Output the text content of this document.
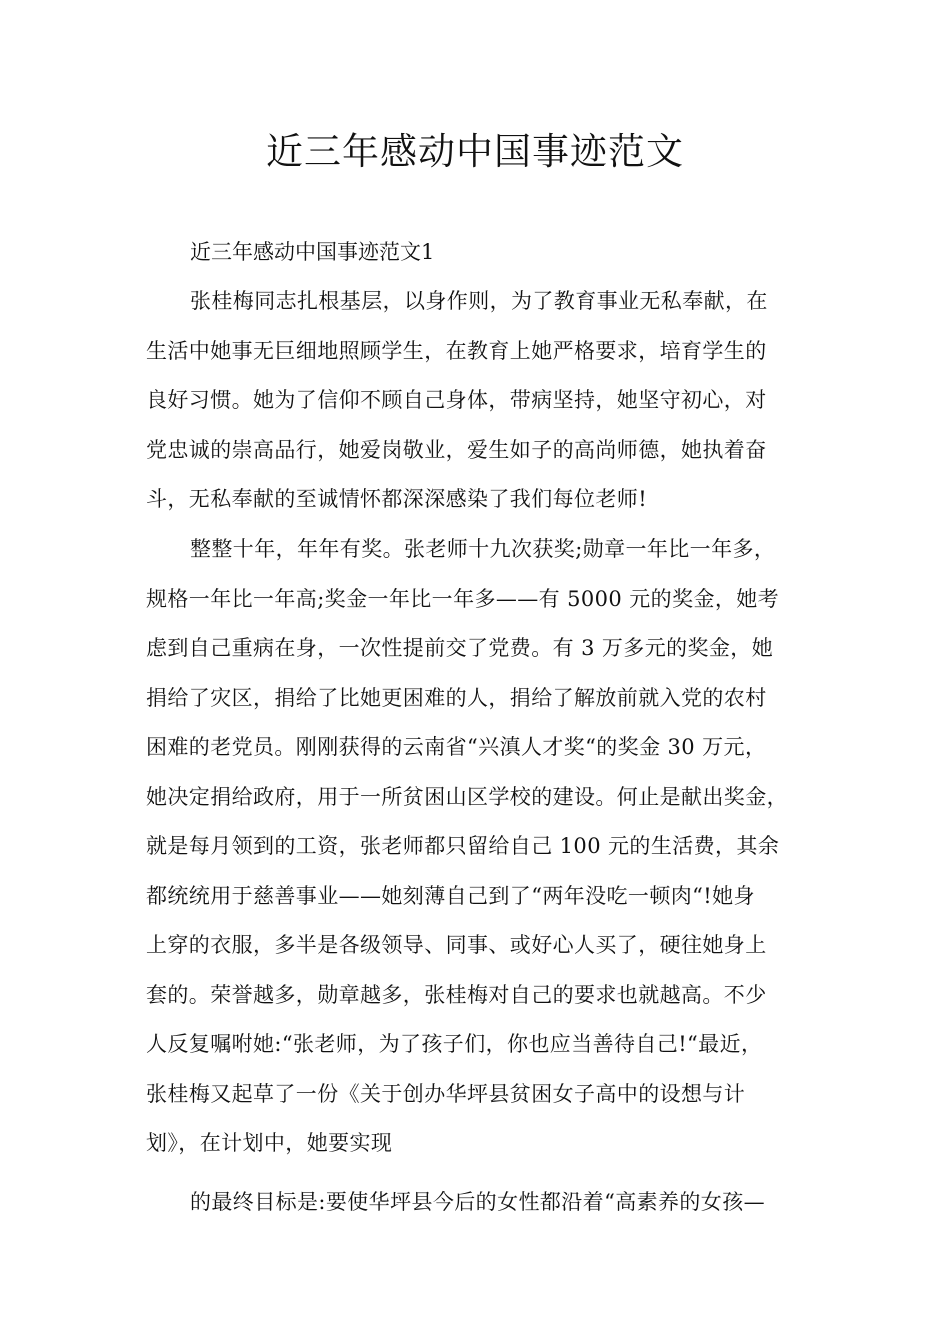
近三年感动中国事迹范文

近三年感动中国事迹范文1

张桂梅同志扎根基层，以身作则，为了教育事业无私奉献，在
生活中她事无巨细地照顾学生，在教育上她严格要求，培育学生的
良好习惯。她为了信仰不顾自己身体，带病坚持，她坚守初心，对
党忠诚的崇高品行，她爱岗敬业，爱生如子的高尚师德，她执着奋
斗，无私奉献的至诚情怀都深深感染了我们每位老师!
整整十年，年年有奖。张老师十九次获奖;勋章一年比一年多，
规格一年比一年高;奖金一年比一年多——有 5000 元的奖金，她考
虑到自己重病在身，一次性提前交了党费。有 3 万多元的奖金，她
捐给了灾区，捐给了比她更困难的人，捐给了解放前就入党的农村
困难的老党员。刚刚获得的云南省“兴滇人才奖“的奖金 30 万元，
她决定捐给政府，用于一所贫困山区学校的建设。何止是献出奖金，
就是每月领到的工资，张老师都只留给自己 100 元的生活费，其余
都统统用于慈善事业——她刻薄自己到了“两年没吃一顿肉“!她身
上穿的衣服，多半是各级领导、同事、或好心人买了，硬往她身上
套的。荣誉越多，勋章越多，张桂梅对自己的要求也就越高。不少
人反复嘱咐她:“张老师，为了孩子们，你也应当善待自己!“最近，
张桂梅又起草了一份《关于创办华坪县贫困女子高中的设想与计
划》，在计划中，她要实现
的最终目标是:要使华坪县今后的女性都沿着“高素养的女孩—
